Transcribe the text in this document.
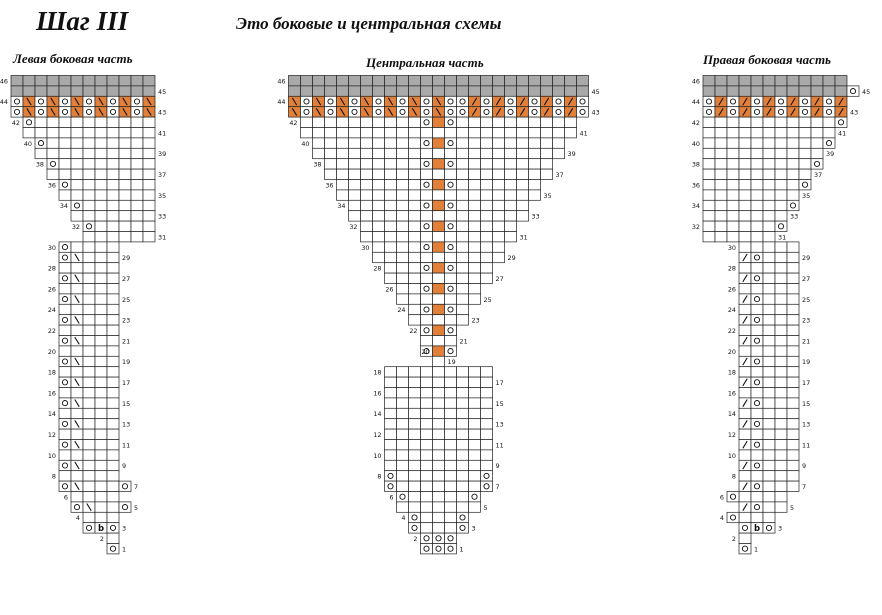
Шаг III	Это боковые и центральная схемы
Левая боковая часть	Центральная часть	Правая боковая часть
46
45
44
43
42
41
40
39
38
37
36
35
34
33
32
31
30
29
28
27
26
25
24
23
22
21
20
19
18
17
16
15
14
13
12
11
10
9
8
7
6
5
4
b	3
2
1
46
45
44
43
42
41
40
39
38
37
36
35
34
33
32
31
30
29
28
27
26
25
24
23
22
21
20
19
18
17
16
15
14
13
12
11
10
9
8
7
6
5
4
3
2
1
46
45
44
43
42
41
40
39
38
37
36
35
34
33
32
31
30
29
28
27
26
25
24
23
22
21
20
19
18
17
16
15
14
13
12
11
10
9
8
7
6
5
4
b	3
2
1
